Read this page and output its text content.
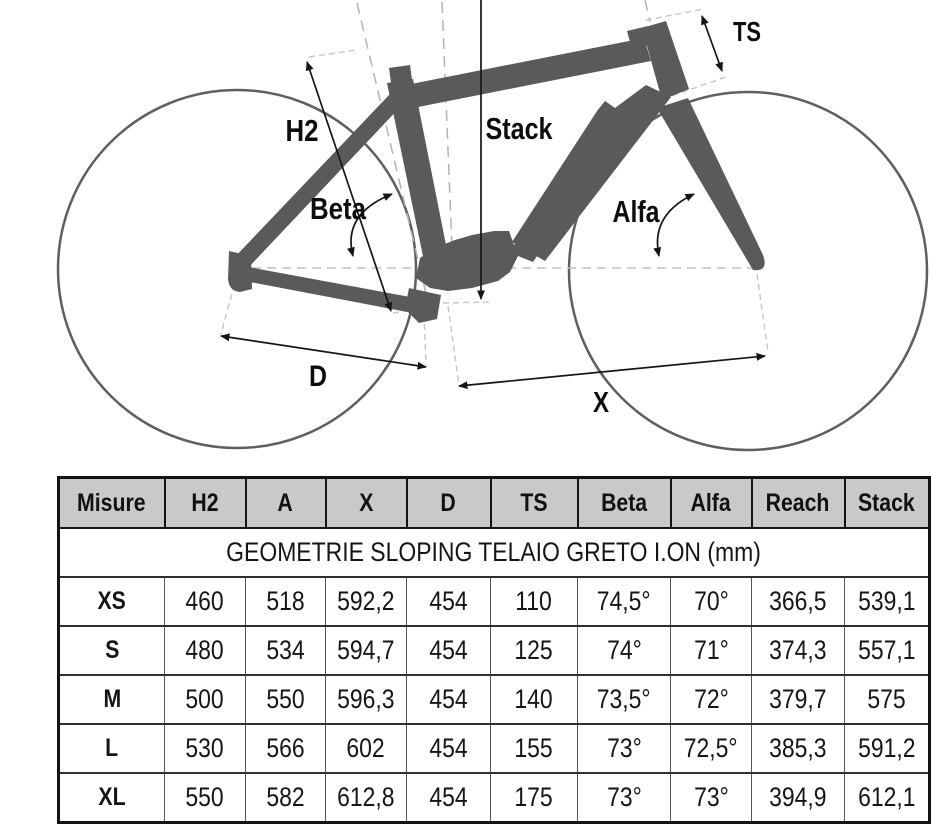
H2	Stack
TS
Beta	Alfa
D
X
Misure	H2	A	X	D	TS	Beta	Alfa	Reach	Stack
GEOMETRIE SLOPING TELAIO GRETO I.ON (mm)									
XS	460	518	592,2	454	110	74,5°	70°	366,5	539,1
S	480	534	594,7	454	125	74°	71°	374,3	557,1
M	500	550	596,3	454	140	73,5°	72°	379,7	575
L	530	566	602	454	155	73°	72,5°	385,3	591,2
XL	550	582	612,8	454	175	73°	73°	394,9	612,1
